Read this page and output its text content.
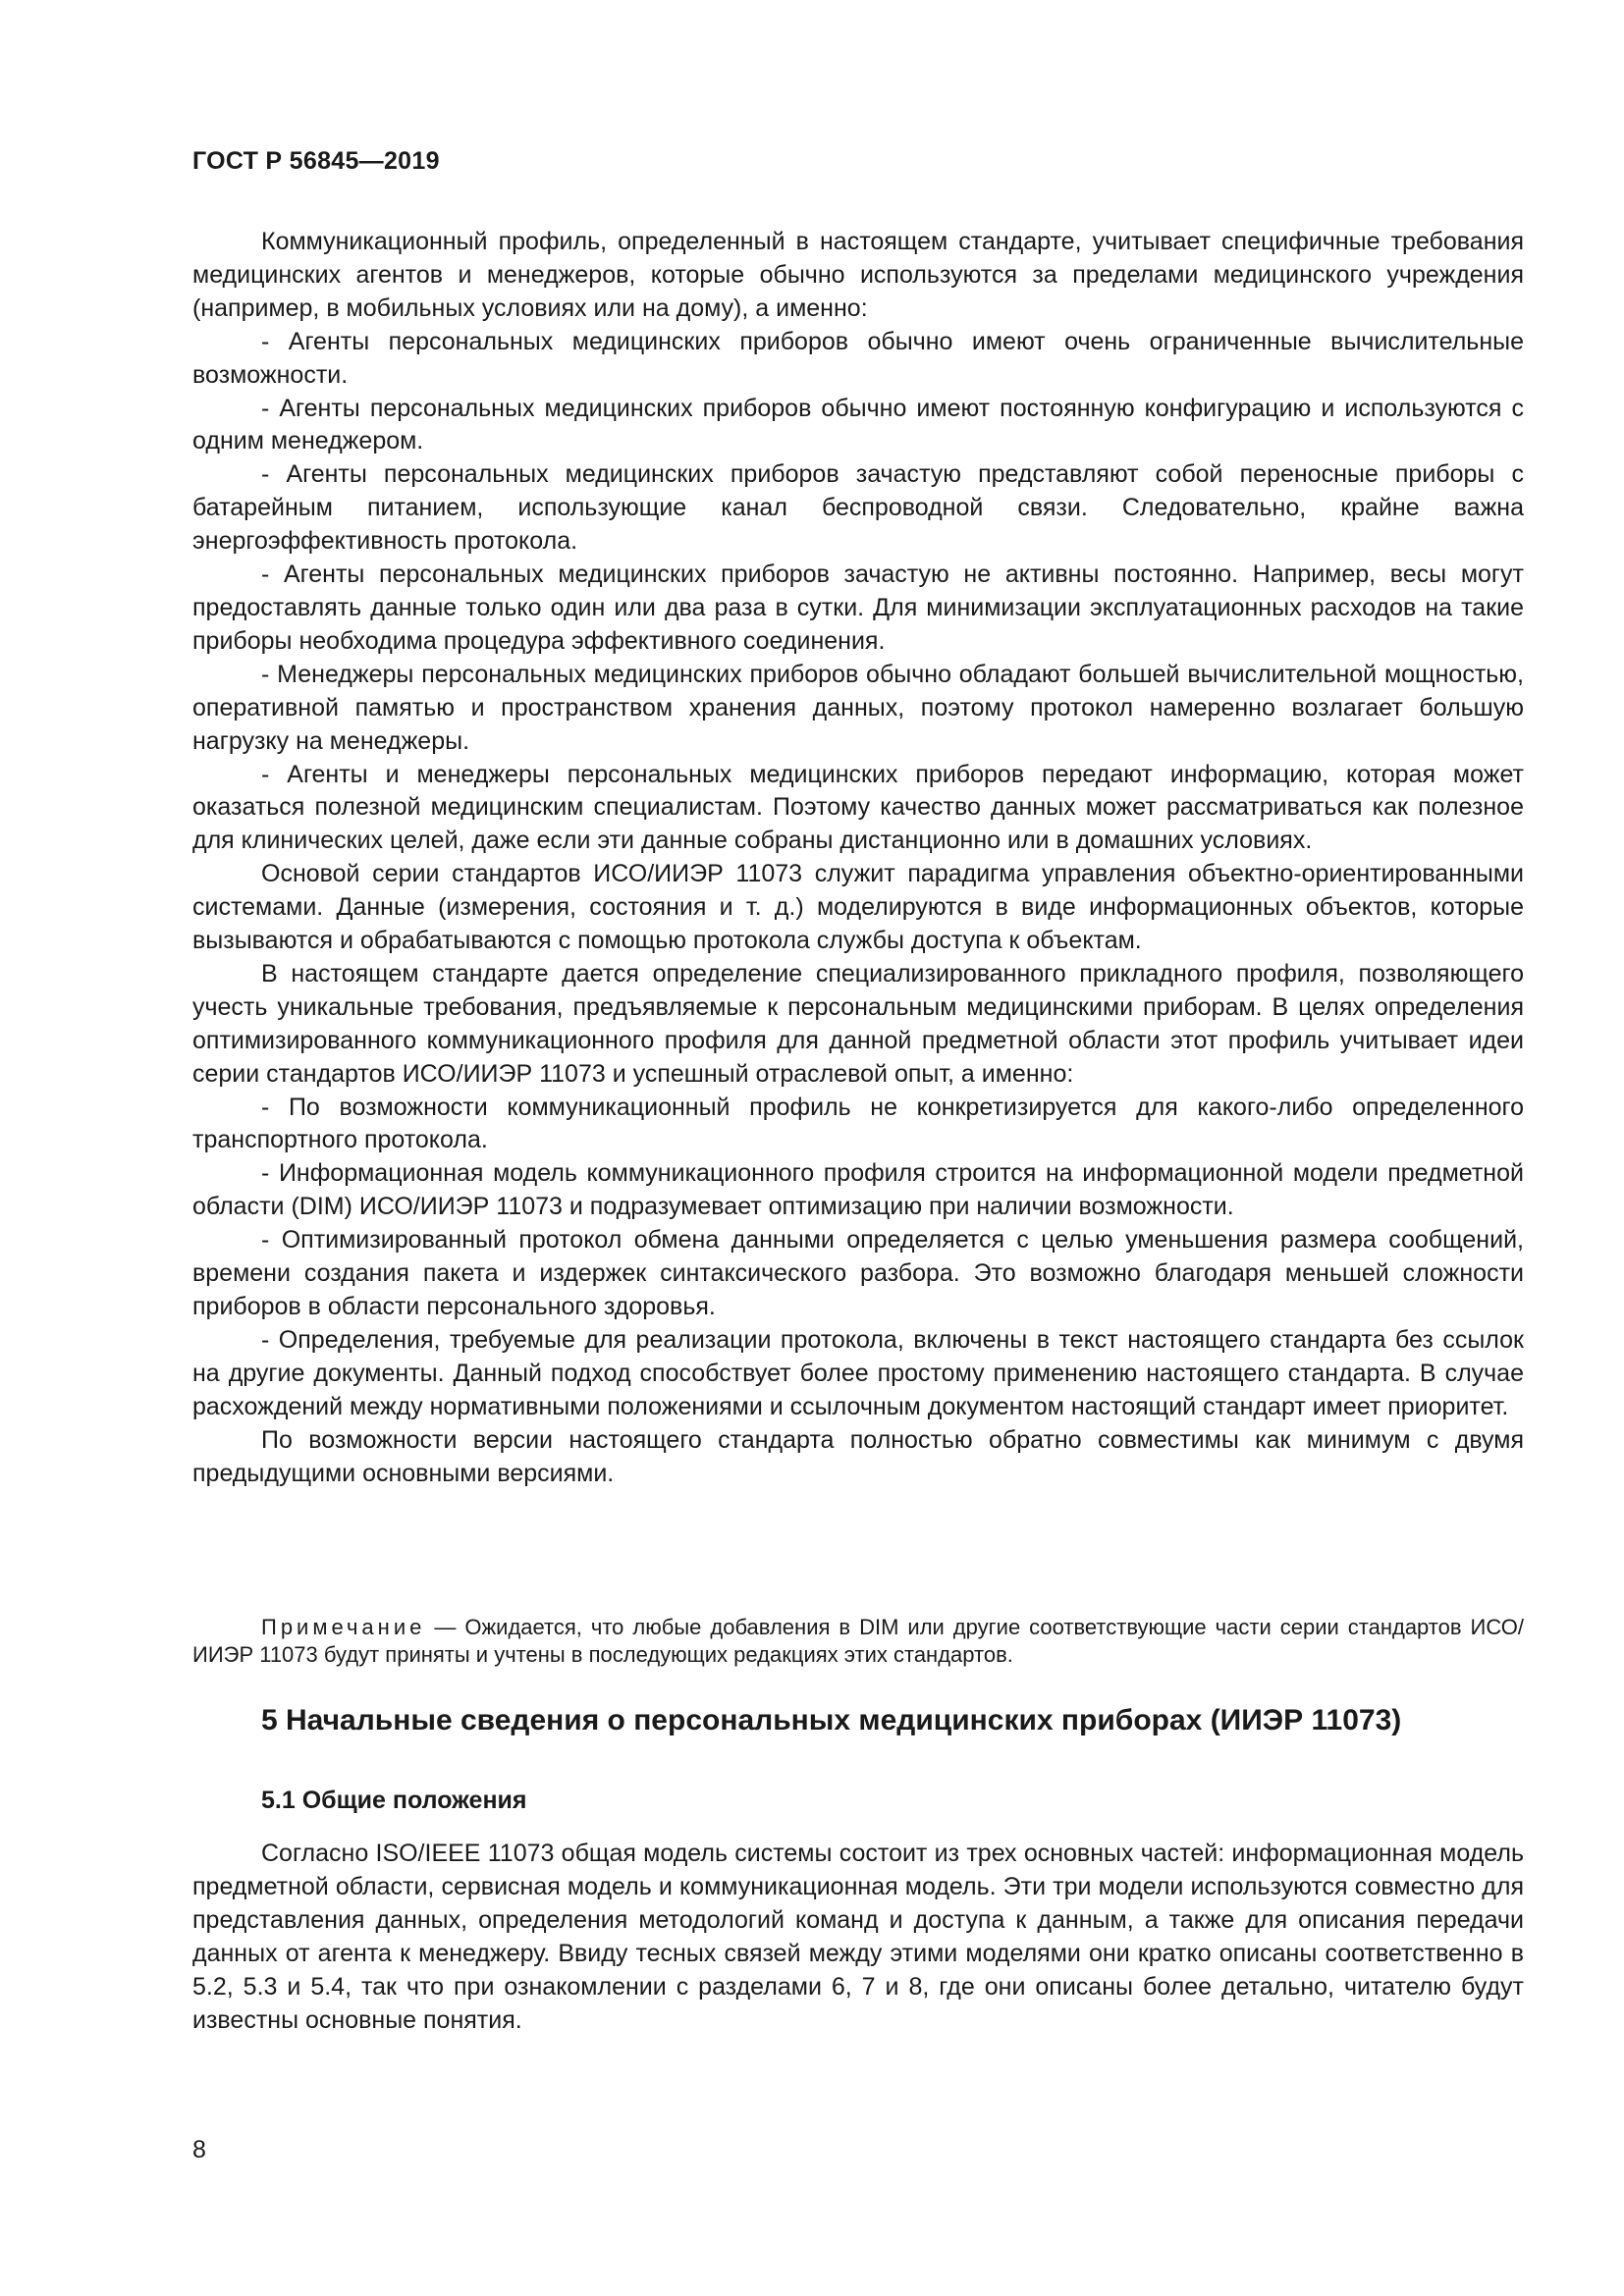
ГОСТ Р 56845—2019

Коммуникационный профиль, определенный в настоящем стандарте, учитывает специфичные требования медицинских агентов и менеджеров, которые обычно используются за пределами медицинского учреждения (например, в мобильных условиях или на дому), а именно:

- Агенты персональных медицинских приборов обычно имеют очень ограниченные вычислительные возможности.

- Агенты персональных медицинских приборов обычно имеют постоянную конфигурацию и используются с одним менеджером.

- Агенты персональных медицинских приборов зачастую представляют собой переносные приборы с батарейным питанием, использующие канал беспроводной связи. Следовательно, крайне важна энергоэффективность протокола.

- Агенты персональных медицинских приборов зачастую не активны постоянно. Например, весы могут предоставлять данные только один или два раза в сутки. Для минимизации эксплуатационных расходов на такие приборы необходима процедура эффективного соединения.

- Менеджеры персональных медицинских приборов обычно обладают большей вычислительной мощностью, оперативной памятью и пространством хранения данных, поэтому протокол намеренно возлагает большую нагрузку на менеджеры.

- Агенты и менеджеры персональных медицинских приборов передают информацию, которая может оказаться полезной медицинским специалистам. Поэтому качество данных может рассматриваться как полезное для клинических целей, даже если эти данные собраны дистанционно или в домашних условиях.

Основой серии стандартов ИСО/ИИЭР 11073 служит парадигма управления объектно-ориентированными системами. Данные (измерения, состояния и т. д.) моделируются в виде информационных объектов, которые вызываются и обрабатываются с помощью протокола службы доступа к объектам.

В настоящем стандарте дается определение специализированного прикладного профиля, позволяющего учесть уникальные требования, предъявляемые к персональным медицинскими приборам. В целях определения оптимизированного коммуникационного профиля для данной предметной области этот профиль учитывает идеи серии стандартов ИСО/ИИЭР 11073 и успешный отраслевой опыт, а именно:

- По возможности коммуникационный профиль не конкретизируется для какого-либо определенного транспортного протокола.

- Информационная модель коммуникационного профиля строится на информационной модели предметной области (DIM) ИСО/ИИЭР 11073 и подразумевает оптимизацию при наличии возможности.

- Оптимизированный протокол обмена данными определяется с целью уменьшения размера сообщений, времени создания пакета и издержек синтаксического разбора. Это возможно благодаря меньшей сложности приборов в области персонального здоровья.

- Определения, требуемые для реализации протокола, включены в текст настоящего стандарта без ссылок на другие документы. Данный подход способствует более простому применению настоящего стандарта. В случае расхождений между нормативными положениями и ссылочным документом настоящий стандарт имеет приоритет.

По возможности версии настоящего стандарта полностью обратно совместимы как минимум с двумя предыдущими основными версиями.

Примечание — Ожидается, что любые добавления в DIM или другие соответствующие части серии стандартов ИСО/ИИЭР 11073 будут приняты и учтены в последующих редакциях этих стандартов.
5 Начальные сведения о персональных медицинских приборах (ИИЭР 11073)
5.1 Общие положения

Согласно ISO/IEEE 11073 общая модель системы состоит из трех основных частей: информационная модель предметной области, сервисная модель и коммуникационная модель. Эти три модели используются совместно для представления данных, определения методологий команд и доступа к данным, а также для описания передачи данных от агента к менеджеру. Ввиду тесных связей между этими моделями они кратко описаны соответственно в 5.2, 5.3 и 5.4, так что при ознакомлении с разделами 6, 7 и 8, где они описаны более детально, читателю будут известны основные понятия.

8
